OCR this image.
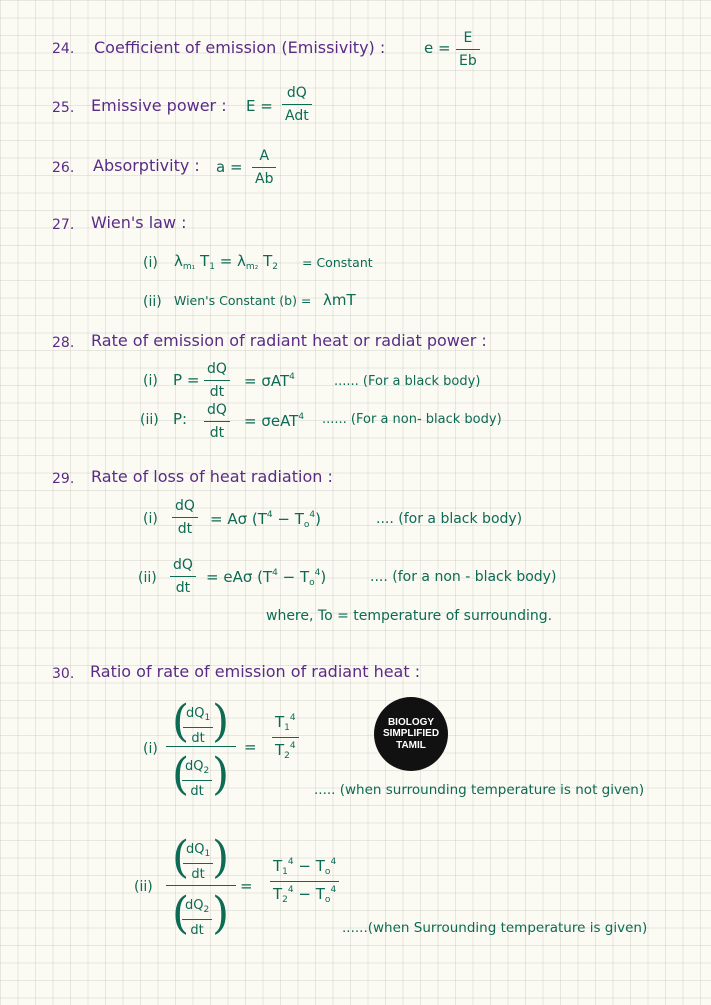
24. Coefficient of emission (Emissivity) :	e =
E
Eb
25. Emissive power : E =
dQ
Adt
26. Absorptivity : a =
A
Ab
27. Wien's law :
(i) $\lambda_{m_1}$ $T_1 = \lambda_{m_2}$ $T_2$ = Constant
(ii) Wien's Constant (b) = λmT
28. Rate of emission of radiant heat or radiat power :
(i) P =
dQ
dt
= σAT$^4$	...... (For a black body)
(ii) P: dQ
dt
= σeAT$^4$ ...... (For a non- black body)
29. Rate of loss of heat radiation :
(i)
dQ
dt
= Aσ $(T^4 - T_o^4)$	.... (for a black body)
(ii)
dQ
dt
= eAσ $(T^4 - T_o^4)$	.... (for a non - black body)
where, To = temperature of surrounding.
30. Ratio of rate of emission of radiant heat :
(i)
( )
$dQ_1$
dt
( )
$dQ_2$
dt
=
$T_1^4$
$T_2^4$
..... (when surrounding temperature is not given)
BIOLOGY
SIMPLIFIED
TAMIL
(ii)
( )
$dQ_1$
dt
( )
$dQ_2$
dt
=
$T_1^4 - T_o^4$
$T_2^4 - T_o^4$
......(when Surrounding temperature is given)
